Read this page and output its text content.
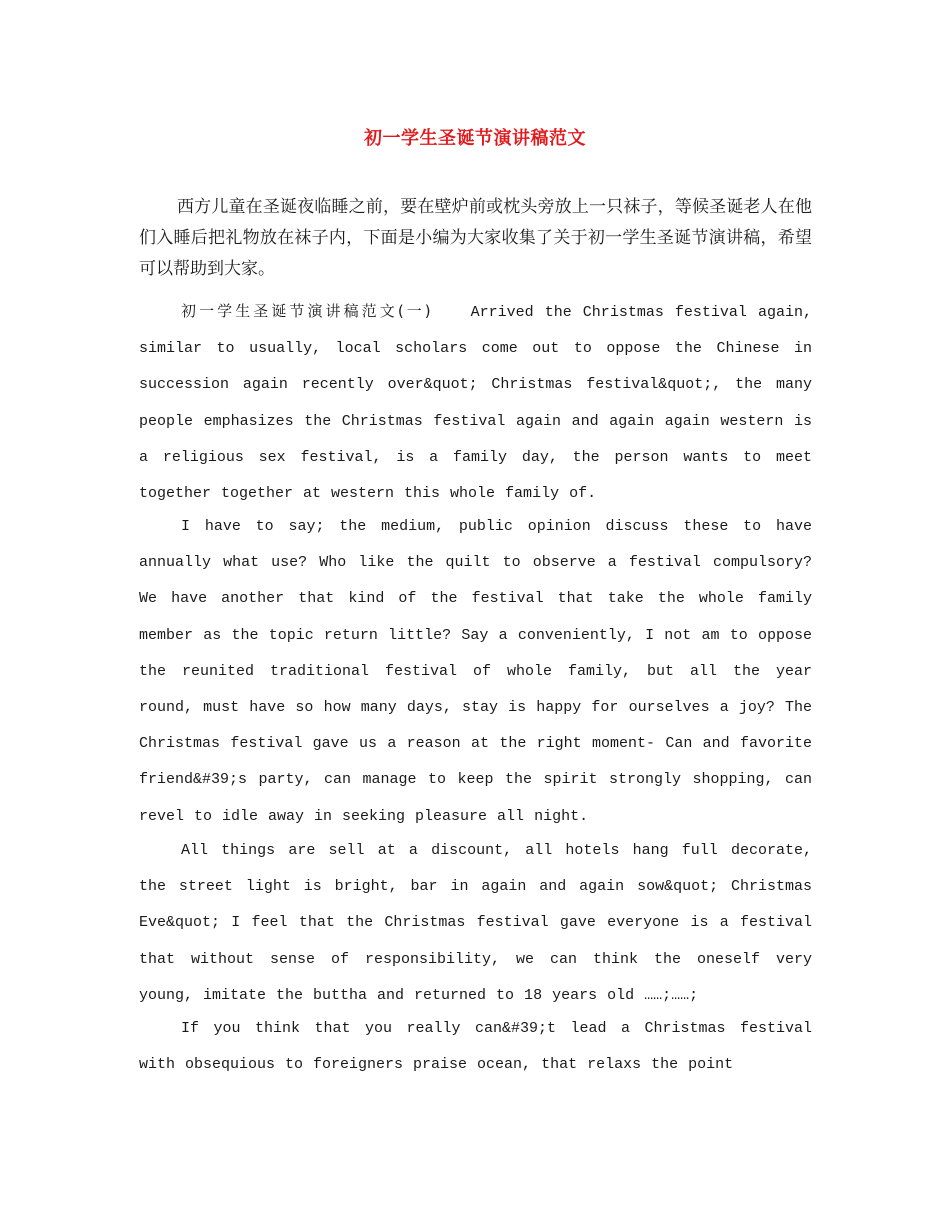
初一学生圣诞节演讲稿范文

西方儿童在圣诞夜临睡之前，要在壁炉前或枕头旁放上一只袜子，等候圣诞老人在他们入睡后把礼物放在袜子内，下面是小编为大家收集了关于初一学生圣诞节演讲稿，希望可以帮助到大家。

初一学生圣诞节演讲稿范文(一)	Arrived the Christmas festival again, similar to usually, local scholars come out to oppose the Chinese in succession again recently over&quot; Christmas festival&quot;, the many people emphasizes the Christmas festival again and again again western is a religious sex festival, is a family day, the person wants to meet together together at western this whole family of.

I have to say; the medium, public opinion discuss these to have annually what use? Who like the quilt to observe a festival compulsory? We have another that kind of the festival that take the whole family member as the topic return little? Say a conveniently, I not am to oppose the reunited traditional festival of whole family, but all the year round, must have so how many days, stay is happy for ourselves a joy? The Christmas festival gave us a reason at the right moment- Can and favorite friend&#39;s party, can manage to keep the spirit strongly shopping, can revel to idle away in seeking pleasure all night.

All things are sell at a discount, all hotels hang full decorate, the street light is bright, bar in again and again sow&quot; Christmas Eve&quot; I feel that the Christmas festival gave everyone is a festival that without sense of responsibility, we can think the oneself very young, imitate the buttha and returned to 18 years old ……;……;

If you think that you really can&#39;t lead a Christmas festival with obsequious to foreigners praise ocean, that relaxs the point
